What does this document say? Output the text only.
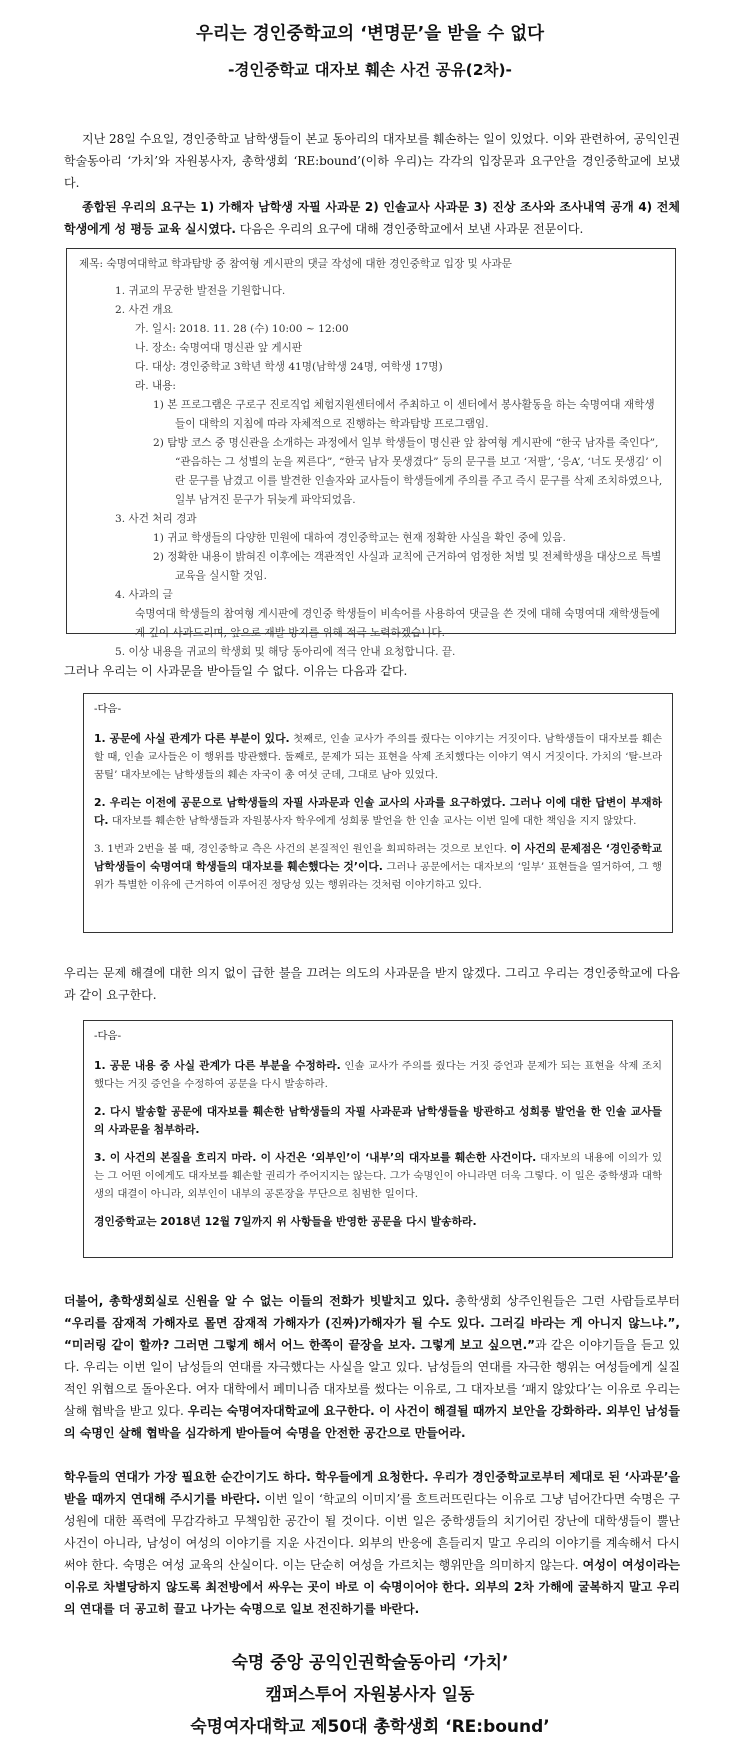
우리는 경인중학교의 ‘변명문’을 받을 수 없다
-경인중학교 대자보 훼손 사건 공유(2차)-

지난 28일 수요일, 경인중학교 남학생들이 본교 동아리의 대자보를 훼손하는 일이 있었다. 이와 관련하여, 공익인권학술동아리 ‘가치’와 자원봉사자, 총학생회 ‘RE:bound’(이하 우리)는 각각의 입장문과 요구안을 경인중학교에 보냈다.

종합된 우리의 요구는 1) 가해자 남학생 자필 사과문 2) 인솔교사 사과문 3) 진상 조사와 조사내역 공개 4) 전체 학생에게 성 평등 교육 실시였다. 다음은 우리의 요구에 대해 경인중학교에서 보낸 사과문 전문이다.

제목: 숙명여대학교 학과탐방 중 참여형 게시판의 댓글 작성에 대한 경인중학교 입장 및 사과문

1. 귀교의 무궁한 발전을 기원합니다.

2. 사건 개요

가. 일시: 2018. 11. 28 (수) 10:00 ~ 12:00

나. 장소: 숙명여대 명신관 앞 게시판

다. 대상: 경인중학교 3학년 학생 41명(남학생 24명, 여학생 17명)

라. 내용:

1) 본 프로그램은 구로구 진로직업 체험지원센터에서 주최하고 이 센터에서 봉사활동을 하는 숙명여대 재학생들이 대학의 지침에 따라 자체적으로 진행하는 학과탐방 프로그램임.

2) 탐방 코스 중 명신관을 소개하는 과정에서 일부 학생들이 명신관 앞 참여형 게시판에 “한국 남자를 죽인다”, “관음하는 그 성별의 눈을 찌른다”, “한국 남자 못생겼다” 등의 문구를 보고 ‘저팔’, ‘응A’, ‘너도 못생김’ 이란 문구를 남겼고 이를 발견한 인솔자와 교사들이 학생들에게 주의를 주고 즉시 문구를 삭제 조치하였으나, 일부 남겨진 문구가 뒤늦게 파악되었음.

3. 사건 처리 경과

1) 귀교 학생들의 다양한 민원에 대하여 경인중학교는 현재 정확한 사실을 확인 중에 있음.

2) 정확한 내용이 밝혀진 이후에는 객관적인 사실과 교칙에 근거하여 엄정한 처벌 및 전체학생을 대상으로 특별 교육을 실시할 것임.

4. 사과의 글

숙명여대 학생들의 참여형 게시판에 경인중 학생들이 비속어를 사용하여 댓글을 쓴 것에 대해 숙명여대 재학생들에게 깊이 사과드리며, 앞으로 재발 방지를 위해 적극 노력하겠습니다.

5. 이상 내용을 귀교의 학생회 및 해당 동아리에 적극 안내 요청합니다. 끝.

그러나 우리는 이 사과문을 받아들일 수 없다. 이유는 다음과 같다.

-다음-

1. 공문에 사실 관계가 다른 부분이 있다. 첫째로, 인솔 교사가 주의를 줬다는 이야기는 거짓이다. 남학생들이 대자보를 훼손할 때, 인솔 교사들은 이 행위를 방관했다. 둘째로, 문제가 되는 표현을 삭제 조치했다는 이야기 역시 거짓이다. 가치의 ‘탈-브라 꿈틸’ 대자보에는 남학생들의 훼손 자국이 총 여섯 군데, 그대로 남아 있었다.

2. 우리는 이전에 공문으로 남학생들의 자필 사과문과 인솔 교사의 사과를 요구하였다. 그러나 이에 대한 답변이 부재하다. 대자보를 훼손한 남학생들과 자원봉사자 학우에게 성희롱 발언을 한 인솔 교사는 이번 일에 대한 책임을 지지 않았다.

3. 1번과 2번을 볼 때, 경인중학교 측은 사건의 본질적인 원인을 회피하려는 것으로 보인다. 이 사건의 문제점은 ‘경인중학교 남학생들이 숙명여대 학생들의 대자보를 훼손했다는 것’이다. 그러나 공문에서는 대자보의 ‘일부’ 표현들을 열거하여, 그 행위가 특별한 이유에 근거하여 이루어진 정당성 있는 행위라는 것처럼 이야기하고 있다.

우리는 문제 해결에 대한 의지 없이 급한 불을 끄려는 의도의 사과문을 받지 않겠다. 그리고 우리는 경인중학교에 다음과 같이 요구한다.

-다음-

1. 공문 내용 중 사실 관계가 다른 부분을 수정하라. 인솔 교사가 주의를 줬다는 거짓 증언과 문제가 되는 표현을 삭제 조치했다는 거짓 증언을 수정하여 공문을 다시 발송하라.

2. 다시 발송할 공문에 대자보를 훼손한 남학생들의 자필 사과문과 남학생들을 방관하고 성희롱 발언을 한 인솔 교사들의 사과문을 첨부하라.

3. 이 사건의 본질을 흐리지 마라. 이 사건은 ‘외부인’이 ‘내부’의 대자보를 훼손한 사건이다. 대자보의 내용에 이의가 있는 그 어떤 이에게도 대자보를 훼손할 권리가 주어지지는 않는다. 그가 숙명인이 아니라면 더욱 그렇다. 이 일은 중학생과 대학생의 대결이 아니라, 외부인이 내부의 공론장을 무단으로 침범한 일이다.

경인중학교는 2018년 12월 7일까지 위 사항들을 반영한 공문을 다시 발송하라.

더불어, 총학생회실로 신원을 알 수 없는 이들의 전화가 빗발치고 있다. 총학생회 상주인원들은 그런 사람들로부터 “우리를 잠재적 가해자로 몰면 잠재적 가해자가 (진짜)가해자가 될 수도 있다. 그러길 바라는 게 아니지 않느냐.”, “미러링 같이 할까? 그러면 그렇게 해서 어느 한쪽이 끝장을 보자. 그렇게 보고 싶으면.”과 같은 이야기들을 듣고 있다. 우리는 이번 일이 남성들의 연대를 자극했다는 사실을 알고 있다. 남성들의 연대를 자극한 행위는 여성들에게 실질적인 위협으로 돌아온다. 여자 대학에서 페미니즘 대자보를 썼다는 이유로, 그 대자보를 ‘패지 않았다’는 이유로 우리는 살해 협박을 받고 있다. 우리는 숙명여자대학교에 요구한다. 이 사건이 해결될 때까지 보안을 강화하라. 외부인 남성들의 숙명인 살해 협박을 심각하게 받아들여 숙명을 안전한 공간으로 만들어라.

학우들의 연대가 가장 필요한 순간이기도 하다. 학우들에게 요청한다. 우리가 경인중학교로부터 제대로 된 ‘사과문’을 받을 때까지 연대해 주시기를 바란다. 이번 일이 ‘학교의 이미지’를 흐트러뜨린다는 이유로 그냥 넘어간다면 숙명은 구성원에 대한 폭력에 무감각하고 무책임한 공간이 될 것이다. 이번 일은 중학생들의 치기어린 장난에 대학생들이 뿔난 사건이 아니라, 남성이 여성의 이야기를 지운 사건이다. 외부의 반응에 흔들리지 말고 우리의 이야기를 계속해서 다시 써야 한다. 숙명은 여성 교육의 산실이다. 이는 단순히 여성을 가르치는 행위만을 의미하지 않는다. 여성이 여성이라는 이유로 차별당하지 않도록 최전방에서 싸우는 곳이 바로 이 숙명이어야 한다. 외부의 2차 가해에 굴복하지 말고 우리의 연대를 더 공고히 끌고 나가는 숙명으로 일보 전진하기를 바란다.

숙명 중앙 공익인권학술동아리 ‘가치’
캠퍼스투어 자원봉사자 일동
숙명여자대학교 제50대 총학생회 ‘RE:bound’
